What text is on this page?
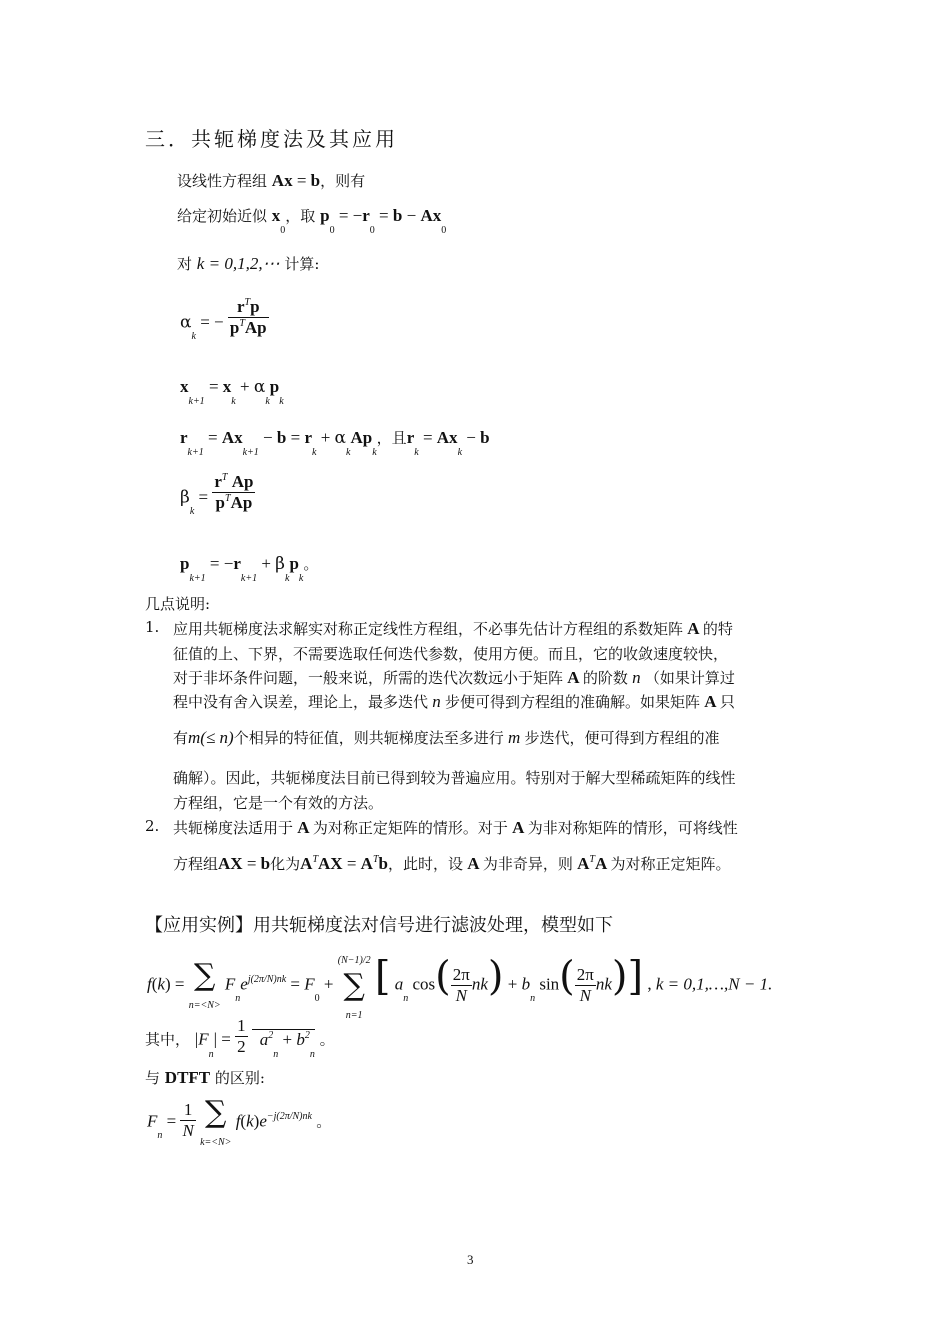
三．共轭梯度法及其应用
设线性方程组 Ax = b，则有
给定初始近似 $x_0$，取 $p_0 = -r_0 = b - Ax_0$
对 k = 0,1,2,⋯ 计算:
$\alpha_k$ = − $\frac{r^Tp}{p^TAp}$
$x_{k+1} = x_k + \alpha_kp_k$
$r_{k+1} = Ax_{k+1} - b = r_k + \alpha_kAp_k$，且$r_k = Ax_k - b$
$\beta_k = \frac{r^T Ap}{p^TAp}$
$p_{k+1} = -r_{k+1} + \beta_kp_k$。
几点说明:
1. 应用共轭梯度法求解实对称正定线性方程组，不必事先估计方程组的系数矩阵 A 的特
征值的上、下界，不需要选取任何迭代参数，使用方便。而且，它的收敛速度较快，
对于非坏条件问题，一般来说，所需的迭代次数远小于矩阵 A 的阶数 n （如果计算过
程中没有舍入误差，理论上，最多迭代 n 步便可得到方程组的准确解。如果矩阵 A 只
有m(≤ n)个相异的特征值，则共轭梯度法至多进行 m 步迭代，便可得到方程组的准
确解）。因此，共轭梯度法目前已得到较为普遍应用。特别对于解大型稀疏矩阵的线性
方程组，它是一个有效的方法。
2. 共轭梯度法适用于 A 为对称正定矩阵的情形。对于 A 为非对称矩阵的情形，可将线性
方程组AX = b化为$A^TAX = A^Tb$，此时，设 A 为非奇异，则 $A^TA$ 为对称正定矩阵。
【应用实例】用共轭梯度法对信号进行滤波处理，模型如下
f(k) = ∑
$n=<N> F_ne^{j(2\pi/N)nk} = F_0 + (N-1)/2$
∑
n=1 [ $a_n$ $\cos( \frac{2\pi}{N} nk) + b_n$ $\sin( \frac{2\pi}{N} nk)$] , k = 0,1,…,N − 1.
其中， $|F_n| = \frac{1}{2}$
  $a^2_n + b^2_n$ 。
与 DTFT 的区别:
$F_n = \frac{1}{N}$ ∑
$k=<N> f(k)e^{-j(2\pi/N)nk}$ 。
3
